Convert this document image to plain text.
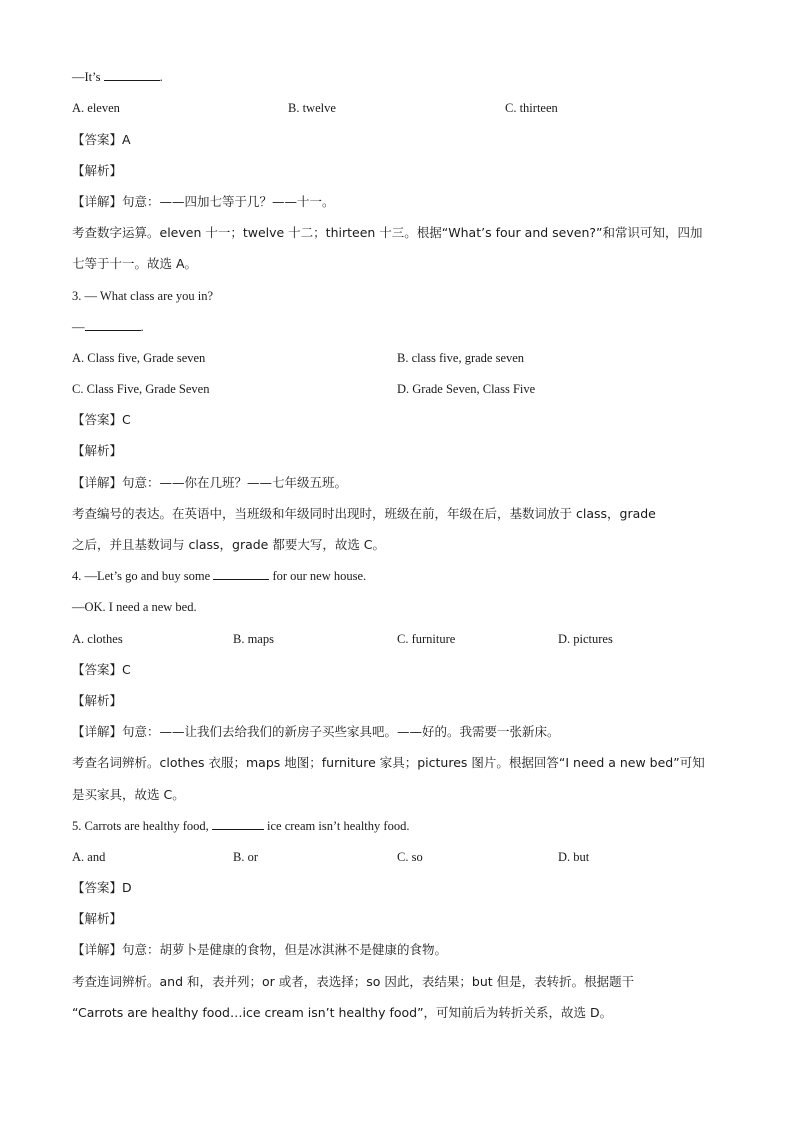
—It’s	.
A. eleven	B. twelve	C. thirteen
【答案】A
【解析】
【详解】句意：——四加七等于几？——十一。
考查数字运算。eleven 十一；twelve 十二；thirteen 十三。根据“What’s four and seven?”和常识可知，四加
七等于十一。故选 A。
3. — What class are you in?
—	.
A. Class five, Grade seven	B. class five, grade seven
C. Class Five, Grade Seven	D. Grade Seven, Class Five
【答案】C
【解析】
【详解】句意：——你在几班？——七年级五班。
考查编号的表达。在英语中，当班级和年级同时出现时，班级在前，年级在后，基数词放于 class，grade
之后，并且基数词与 class，grade 都要大写，故选 C。
4. —Let’s go and buy some	for our new house.
—OK. I need a new bed.
A. clothes	B. maps	C. furniture	D. pictures
【答案】C
【解析】
【详解】句意：——让我们去给我们的新房子买些家具吧。——好的。我需要一张新床。
考查名词辨析。clothes 衣服；maps 地图；furniture 家具；pictures 图片。根据回答“I need a new bed”可知
是买家具，故选 C。
5. Carrots are healthy food,	ice cream isn’t healthy food.
A. and	B. or	C. so	D. but
【答案】D
【解析】
【详解】句意：胡萝卜是健康的食物，但是冰淇淋不是健康的食物。
考查连词辨析。and 和，表并列；or 或者，表选择；so 因此，表结果；but 但是，表转折。根据题干
“Carrots are healthy food…ice cream isn’t healthy food”，可知前后为转折关系，故选 D。
